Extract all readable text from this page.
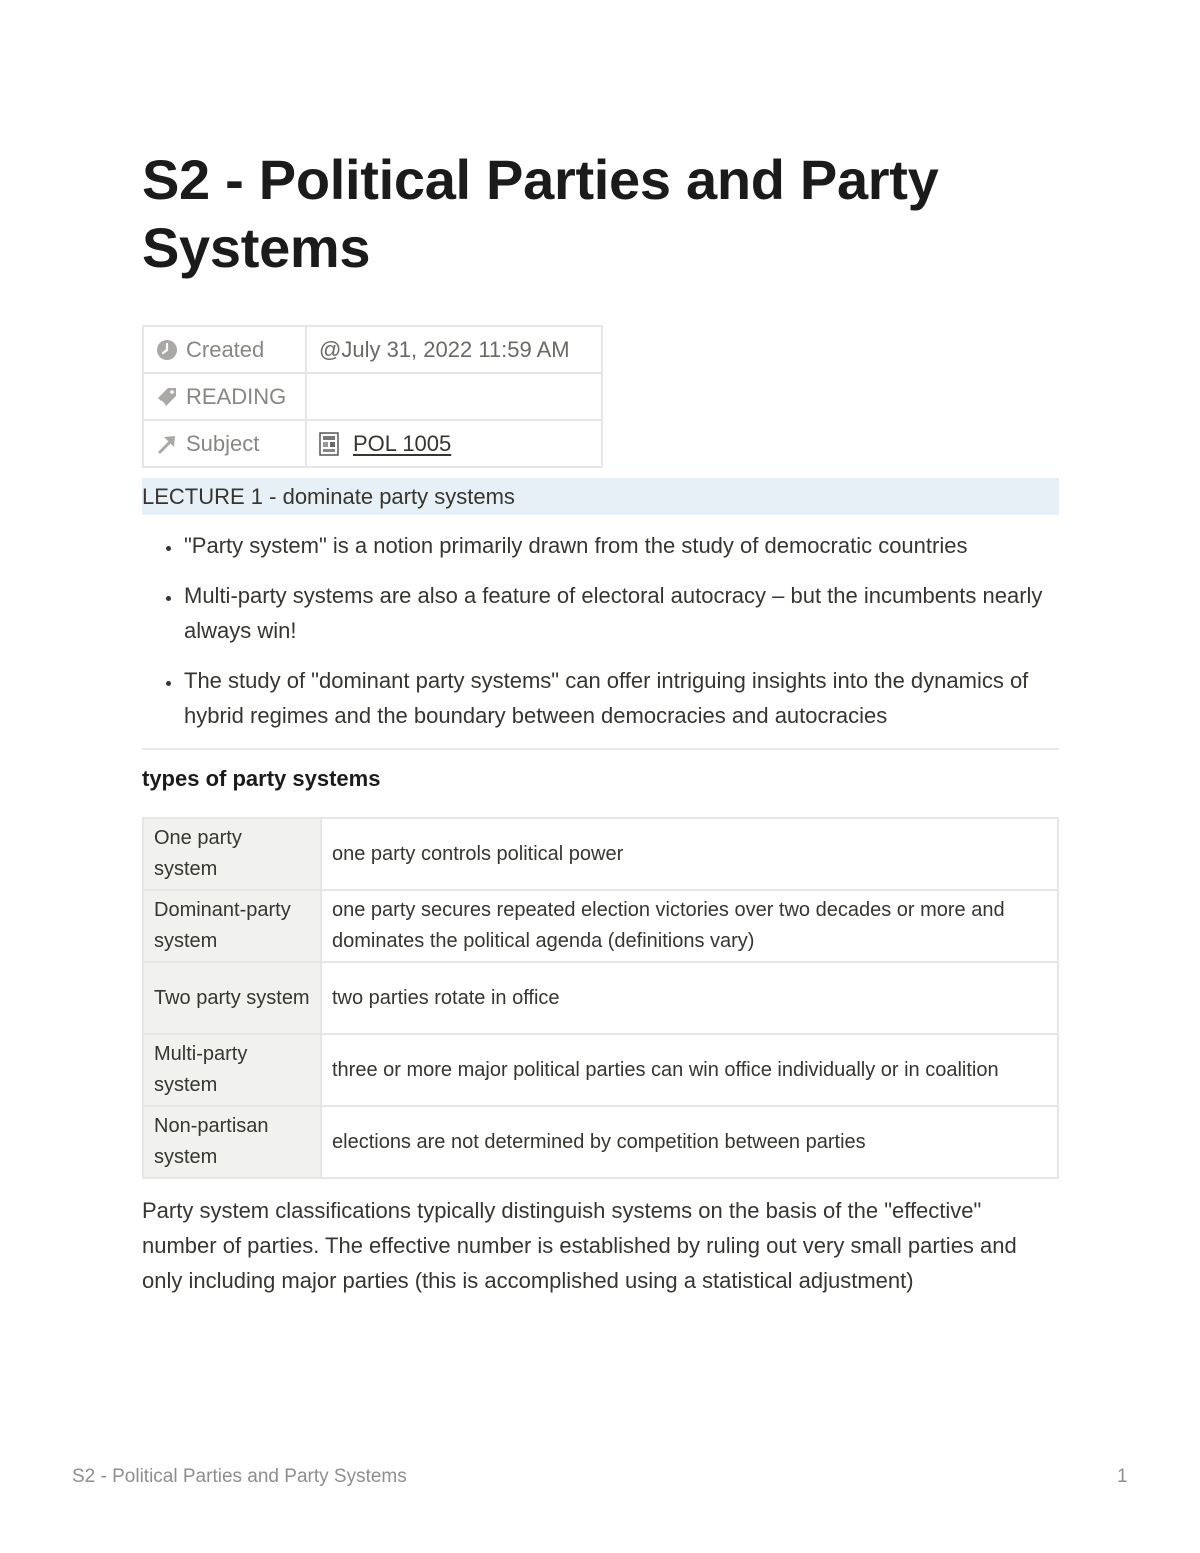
S2 - Political Parties and Party Systems
Created	@July 31, 2022 11:59 AM
READING	
Subject	POL 1005
LECTURE 1 - dominate party systems
• "Party system" is a notion primarily drawn from the study of democratic countries
• Multi-party systems are also a feature of electoral autocracy – but the incumbents nearly always win!
• The study of "dominant party systems" can offer intriguing insights into the dynamics of hybrid regimes and the boundary between democracies and autocracies
types of party systems
One party system	one party controls political power
Dominant-party system	one party secures repeated election victories over two decades or more and dominates the political agenda (definitions vary)
Two party system	two parties rotate in office
Multi-party system	three or more major political parties can win office individually or in coalition
Non-partisan system	elections are not determined by competition between parties

Party system classifications typically distinguish systems on the basis of the "effective" number of parties. The effective number is established by ruling out very small parties and only including major parties (this is accomplished using a statistical adjustment)

S2 - Political Parties and Party Systems	1
